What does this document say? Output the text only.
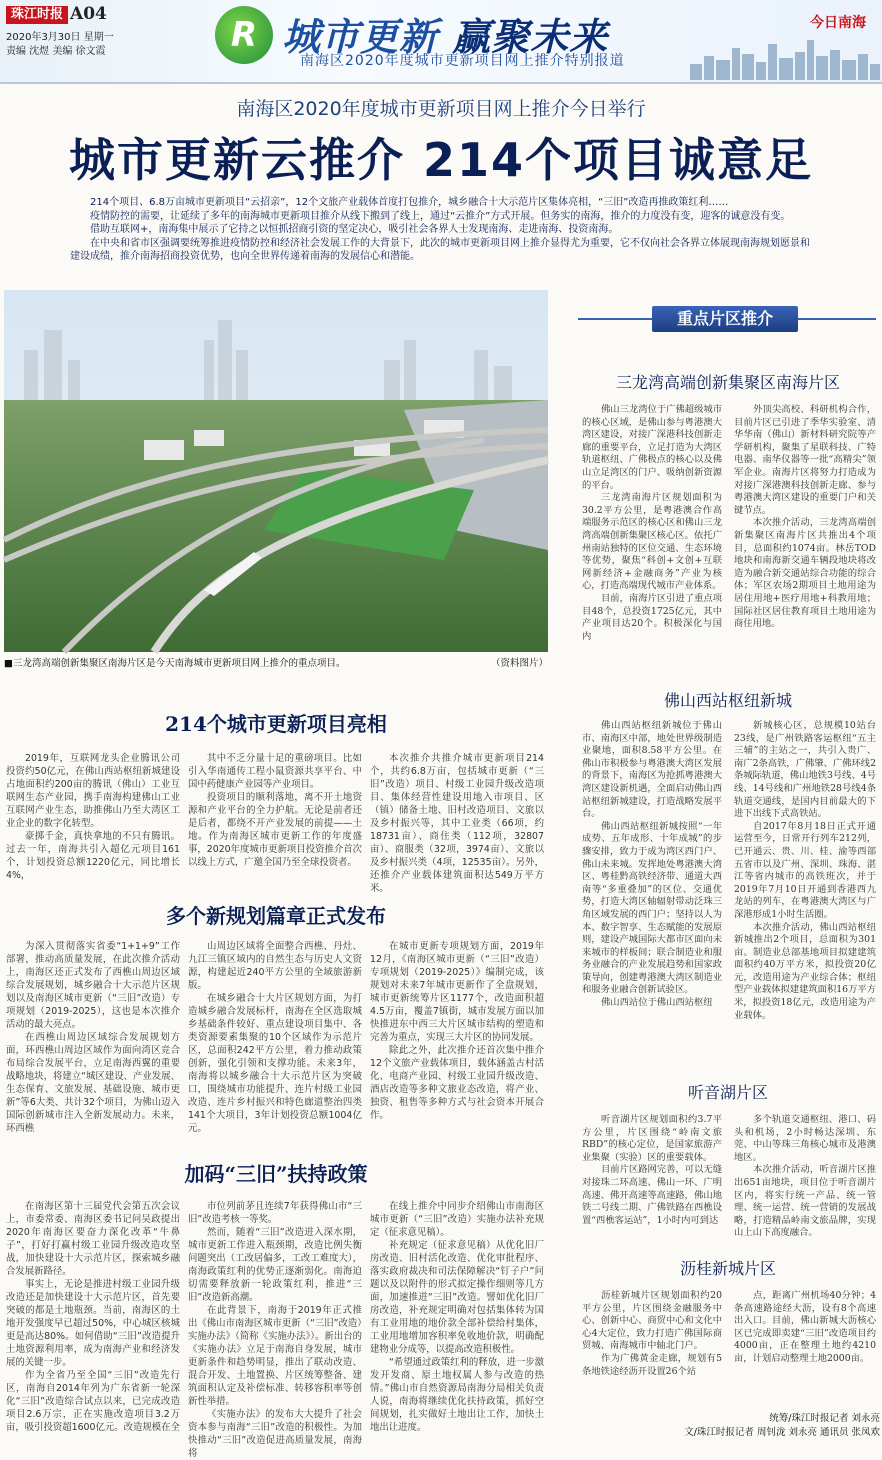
珠江时报 A04
2020年3月30日 星期一
责编 沈煜 美编 徐文霞	R 城市更新 赢聚未来
南海区2020年度城市更新项目网上推介特别报道
今日南海
南海区2020年度城市更新项目网上推介今日举行
城市更新云推介 214个项目诚意足

214个项目、6.8万亩城市更新项目“云招亲”，12个文旅产业载体首度打包推介，城乡融合十大示范片区集体亮相，“三旧”改造再推政策红利……

疫情防控的需要，让延续了多年的南海城市更新项目推介从线下搬到了线上，通过“云推介”方式开展。但务实的南海，推介的力度没有变，迎客的诚意没有变。

借助互联网+，南海集中展示了它持之以恒抓招商引资的坚定决心，吸引社会各界人士发现南海、走进南海、投资南海。

在中央和省市区强调要统筹推进疫情防控和经济社会发展工作的大背景下，此次的城市更新项目网上推介显得尤为重要，它不仅向社会各界立体展现南海规划愿景和建设成绩，推介南海招商投资优势，也向全世界传递着南海的发展信心和潜能。

■三龙湾高端创新集聚区南海片区是今天南海城市更新项目网上推介的重点项目。	（资料图片）
214个城市更新项目亮相

2019年，互联网龙头企业腾讯公司投资约50亿元，在佛山西站枢纽新城建设占地面积约200亩的腾讯（佛山）工业互联网生态产业园，携手南海构建佛山工业互联网产业生态，助推佛山乃至大湾区工业企业的数字化转型。

豪掷千金，真快拿地的不只有腾讯。过去一年，南海共引入超亿元项目161个，计划投资总额1220亿元，同比增长4%，

其中不乏分量十足的重磅项目。比如引入华南通传工程小鼠资源共享平台、中国中药健康产业园等产业项目。

投资项目的顺利落地，离不开土地资源和产业平台的全力护航。无论是前者还是后者，都绕不开产业发展的前提——土地。作为南海区城市更新工作的年度盛事，2020年度城市更新项目投资推介首次以线上方式，广邀全国乃至全球投资者。

本次推介共推介城市更新项目214个，共约6.8万亩，包括城市更新（“三旧”改造）项目、村级工业园升级改造项目、集体经营性建设用地入市项目、区（镇）储备土地、旧村改造项目、文旅以及乡村振兴等，其中工业类（66项，约18731亩）、商住类（112项，32807亩）、商服类（32项，3974亩）、文旅以及乡村振兴类（4项，12535亩）。另外，还推介产业载体建筑面积达549万平方米。

多个新规划篇章正式发布

为深入贯彻落实省委“1+1+9”工作部署，推动高质量发展，在此次推介活动上，南海区还正式发布了西樵山周边区域综合发展规划，城乡融合十大示范片区规划以及南海区城市更新（“三旧”改造）专项规划（2019-2025），这也是本次推介活动的最大亮点。

在西樵山周边区域综合发展规划方面，环西樵山周边区域作为面向湾区竞合布局综合发展平台，立足南海西翼的重要战略地块，将建立“城区建设、产业发展、生态保育、文旅发展、基础设施、城市更新”等6大类、共计32个项目，为佛山迈入国际创新城市注入全新发展动力。未来，环西樵

山周边区域将全面整合西樵、丹灶、九江三镇区域内的自然生态与历史人文资源，构建起近240平方公里的全域旅游新版。

在城乡融合十大片区规划方面，为打造城乡融合发展标杆，南海在全区选取城乡基础条件较好、重点建设项目集中、各类资源要素集聚的10个区域作为示范片区，总面积242平方公里，着力推动政策创新，强化引领和支撑功能。未来3年，南海将以城乡融合十大示范片区为突破口，围绕城市功能提升、连片村级工业园改造、连片乡村振兴和特色廊道整治四类141个大项目，3年计划投资总额1004亿元。

在城市更新专项规划方面，2019年12月，《南海区城市更新（“三旧”改造）专项规划（2019-2025）》编制完成，该规划对未来7年城市更新作了全盘规划，城市更新统筹片区1177个，改造面积超4.5万亩，覆盖7镇街，城市发展方面以加快推进东中西三大片区城市结构的塑造和完善为重点，实现三大片区的协同发展。

除此之外，此次推介还首次集中推介12个文旅产业载体项目，载体涵盖古村活化、电商产业园、村级工业园升级改造、酒店改造等多种文旅业态改造，将产业、独资、租售等多种方式与社会资本开展合作。

加码“三旧”扶持政策

在南海区第十三届党代会第五次会议上，市委常委、南海区委书记问吴政提出2020年南海区要奋力深化改革“牛鼻子”，打好打赢村级工业园升级改造攻坚战，加快建设十大示范片区，探索城乡融合发展新路径。

事实上，无论是推进村级工业园升级改造还是加快建设十大示范片区，首先要突破的都是土地瓶颈。当前，南海区的土地开发强度早已超过50%，中心城区核城更是高达80%。如何借助“三旧”改造提升土地资源利用率，成为南海产业和经济发展的关键一步。

作为全省乃至全国“三旧”改造先行区，南海自2014年列为广东省新一轮深化“三旧”改造综合试点以来，已完成改造项目2.6万宗，正在实施改造项目3.2万亩，吸引投资超1600亿元。改造规模在全

市位列前茅且连续7年获得佛山市“三旧”改造考核一等奖。

然而，随着“三旧”改造进入深水期，城市更新工作进入瓶颈期，改造比例失衡问题突出（工改居偏多，工改工难度大），南海政策红利的优势正逐渐弱化。南海迫切需要释放新一轮政策红利，推进“三旧”改造新高潮。

在此背景下，南海于2019年正式推出《佛山市南海区城市更新（“三旧”改造）实施办法》（简称《实施办法》）。新出台的《实施办法》立足于南海自身发展，城市更新条件和趋势明显，推出了联动改造、混合开发、土地置换、片区统筹整备、建筑面积认定及补偿标准、转移容积率等创新性举措。

《实施办法》的发布大大提升了社会资本参与南海“三旧”改造的积极性。为加快推动“三旧”改造促进高质量发展，南海将

在线上推介中同步介绍佛山市南海区城市更新（“三旧”改造）实施办法补充规定（征求意见稿）。

补充规定（征求意见稿）从优化旧厂房改造、旧村活化改造、优化审批程序、落实政府裁决和司法保障解决“钉子户”问题以及以附件的形式拟定操作细则等几方面，加速推进“三旧”改造。譬如优化旧厂房改造，补充规定明确对包括集体转为国有工业用地的地价款全部补偿给村集体，工业用地增加容积率免收地价款，明确配建物业分成等，以提高改造积极性。

“希望通过政策红利的释放，进一步激发开发商、原土地权属人参与改造的热情。”佛山市自然资源局南海分局相关负责人说，南海将继续优化扶持政策，抓好空间规划，扎实做好土地出让工作，加快土地出让进度。

重点片区推介
三龙湾高端创新集聚区南海片区

佛山三龙湾位于广佛超级城市的核心区域，是佛山参与粤港澳大湾区建设，对接广深港科技创新走廊的重要平台，立足打造为大湾区轨道枢纽、广佛极点的核心以及佛山立足湾区的门户、吸纳创新资源的平台。

三龙湾南海片区规划面积为30.2平方公里，是粤港澳合作高端服务示范区的核心区和佛山三龙湾高端创新集聚区核心区。依托广州南站独特的区位交通、生态环境等优势，聚焦“科创+文创+互联网新经济+金融商务”产业为核心，打造高端现代城市产业体系。

目前，南海片区引进了重点项目48个，总投资1725亿元，其中产业项目达20个。积极深化与国内

外顶尖高校、科研机构合作，目前片区已引进了季华实验室、清华华南（佛山）新材料研究院等产学研机构，聚集了星联科技、广特电器、南华仪器等一批“高精尖”领军企业。南海片区将努力打造成为对接广深港澳科技创新走廊、参与粤港澳大湾区建设的重要门户和关键节点。

本次推介活动，三龙湾高端创新集聚区南海片区共推出4个项目，总面积约1074亩。林岳TOD地块和南海新交通车辆段地块将改造为融合新交通站综合功能的综合体；军区农场2期项目土地用途为居住用地+医疗用地+科教用地；国际社区居住教育项目土地用途为商住用地。

佛山西站枢纽新城

佛山西站枢纽新城位于佛山市、南海区中部，地处世界级制造业聚地，面积8.58平方公里。在佛山市积极参与粤港澳大湾区发展的背景下，南海区为抢抓粤港澳大湾区建设新机遇，全面启动佛山西站枢纽新城建设，打造战略发展平台。

佛山西站枢纽新城按照“一年成势、五年成形、十年成城”的步骤安排，致力于成为湾区西门户、佛山未来城。发挥地处粤港澳大湾区、粤桂黔高铁经济带、通道大西南等“多重叠加”的区位、交通优势，打造大湾区轴辐射带动泛珠三角区域发展的西门户；坚持以人为本、数字智享、生态赋能的发展原则，建设产城国际大都市区面向未来城市的样板间；联合制造业和服务业融合的产业发展趋势和国家政策导向，创建粤港澳大湾区制造业和服务业融合创新试验区。

佛山西站位于佛山西站枢纽

新城核心区，总规模10站台23线，是广州铁路客运枢纽“五主三辅”的主站之一，共引入贵广、南广2条高铁，广佛肇、广佛环线2条城际轨道，佛山地铁3号线、4号线、14号线和广州地铁28号线4条轨道交通线，是国内目前最大的下进下出线下式高铁站。

自2017年8月18日正式开通运营至今，日常开行列车212列，已开通云、贵、川、桂、渝等西部五省市以及广州、深圳、珠海、湛江等省内城市的高铁班次，并于2019年7月10日开通到香港西九龙站的列车，在粤港澳大湾区与广深港形成1小时生活圈。

本次推介活动，佛山西站枢纽新城推出2个项目，总面积为301亩。制造业总部基地项目拟建建筑面积约40万平方米，拟投资20亿元，改造用途为产业综合体；枢纽型产业载体拟建建筑面积16万平方米，拟投资18亿元，改造用途为产业载体。

听音湖片区

听音湖片区规划面积约3.7平方公里，片区围绕“岭南文旅RBD”的核心定位，是国家旅游产业集聚（实验）区的重要载体。

目前片区路网完善，可以无缝对接珠二环高速、佛山一环、广明高速、佛开高速等高速路，佛山地铁二号线二期、广佛铁路在西樵设置“西樵客运站”，1小时内可到达

多个轨道交通枢纽、港口、码头和机场，2小时畅达深圳、东莞、中山等珠三角核心城市及港澳地区。

本次推介活动，听音湖片区推出651亩地块，项目位于听音湖片区内，将实行统一产品、统一管理、统一运营、统一营销的发展战略，打造精品岭南文旅品牌，实现山上山下高度融合。

沥桂新城片区

沥桂新城片区规划面积约20平方公里，片区围绕金融服务中心、创新中心、商贸中心和文化中心4大定位，致力打造广佛国际商贸城、南海城市中轴北门户。

作为广佛黄金走廊，规划有5条地铁途经沥开设置26个站

点，距离广州机场40分钟；4条高速路途经大沥，设有8个高速出入口。目前，佛山新城大沥核心区已完成即卖建“三旧”改造项目约4000亩，正在整理土地约4210亩，计划启动整理土地2000亩。

统筹/珠江时报记者 刘永亮
文/珠江时报记者 周钊泷 刘永亮 通讯员 张凤欢
